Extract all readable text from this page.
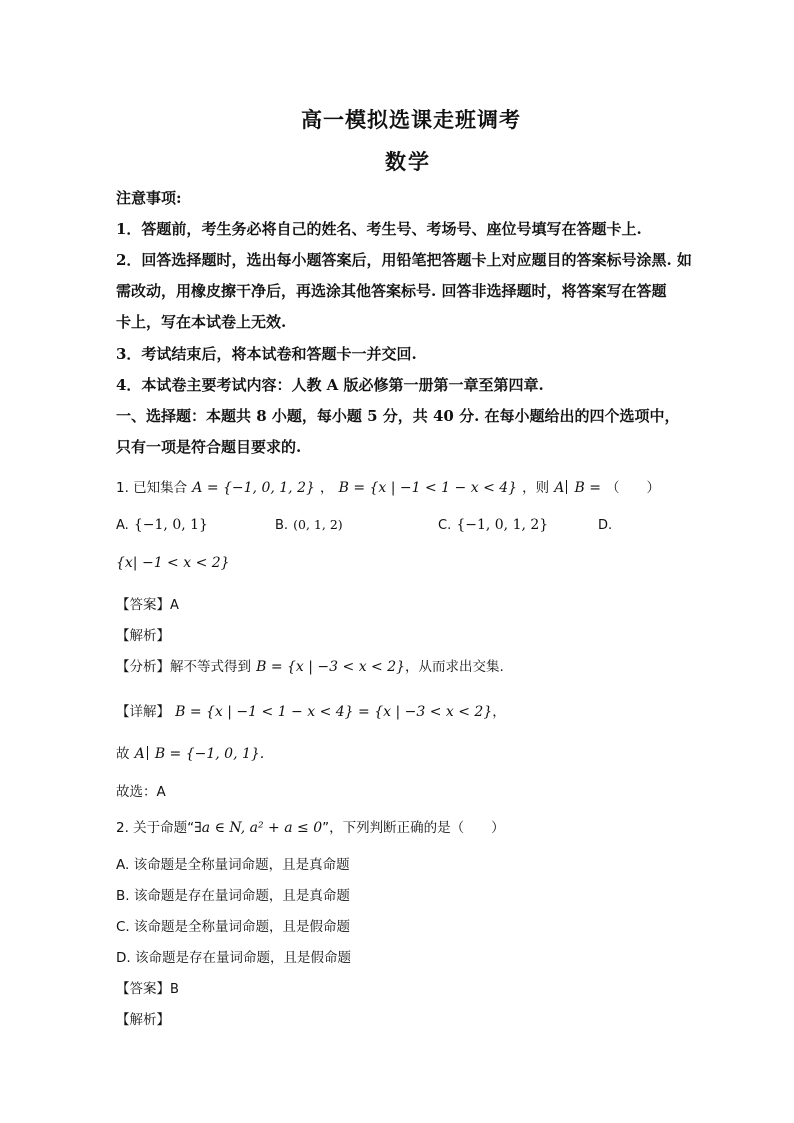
高一模拟选课走班调考
数学
注意事项:
1．答题前，考生务必将自己的姓名、考生号、考场号、座位号填写在答题卡上.
2．回答选择题时，选出每小题答案后，用铅笔把答题卡上对应题目的答案标号涂黑. 如
需改动，用橡皮擦干净后，再选涂其他答案标号. 回答非选择题时，将答案写在答题
卡上，写在本试卷上无效.
3．考试结束后，将本试卷和答题卡一并交回.
4．本试卷主要考试内容：人教 A 版必修第一册第一章至第四章.
一、选择题：本题共 8 小题，每小题 5 分，共 40 分. 在每小题给出的四个选项中，
只有一项是符合题目要求的.
1. 已知集合 A = {−1, 0, 1, 2} ， B = {x | −1 < 1 − x < 4} ，则 A B = （　　）
A. {−1, 0, 1}	B. (0, 1, 2)	C. {−1, 0, 1, 2}	D.
{x| −1 < x < 2}
【答案】A
【解析】
【分析】解不等式得到 B = {x | −3 < x < 2}，从而求出交集.
【详解】 B = {x | −1 < 1 − x < 4} = {x | −3 < x < 2}，
故 A B = {−1, 0, 1}.
故选：A
2. 关于命题“∃a ∈ N, a² + a ≤ 0”，下列判断正确的是（　　）
A. 该命题是全称量词命题，且是真命题
B. 该命题是存在量词命题，且是真命题
C. 该命题是全称量词命题，且是假命题
D. 该命题是存在量词命题，且是假命题
【答案】B
【解析】
